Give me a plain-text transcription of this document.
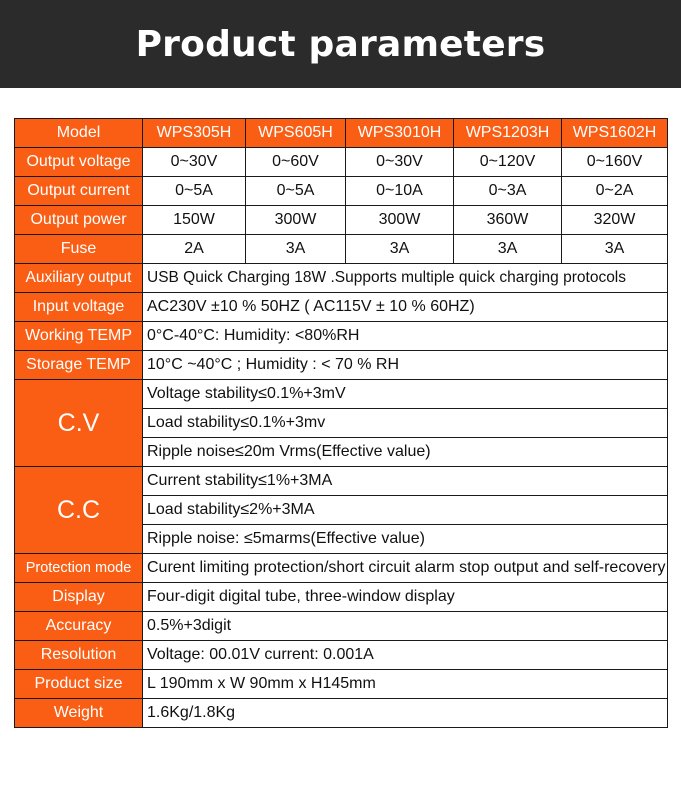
Product parameters
Model	WPS305H	WPS605H	WPS3010H	WPS1203H	WPS1602H
Output voltage	0~30V	0~60V	0~30V	0~120V	0~160V
Output current	0~5A	0~5A	0~10A	0~3A	0~2A
Output power	150W	300W	300W	360W	320W
Fuse	2A	3A	3A	3A	3A
Auxiliary output	USB Quick Charging 18W .Supports multiple quick charging protocols				
Input voltage	AC230V ±10 % 50HZ ( AC115V ± 10 % 60HZ)				
Working TEMP	0°C-40°C: Humidity: <80%RH				
Storage TEMP	10°C ~40°C ; Humidity : < 70 % RH				
C.V	Voltage stability≤0.1%+3mV				
	Load stability≤0.1%+3mv				
	Ripple noise≤20m Vrms(Effective value)				
C.C	Current stability≤1%+3MA				
	Load stability≤2%+3MA				
	Ripple noise: ≤5marms(Effective value)				
Protection mode	Curent limiting protection/short circuit alarm stop output and self-recovery				
Display	Four-digit digital tube, three-window display				
Accuracy	0.5%+3digit				
Resolution	Voltage: 00.01V current: 0.001A				
Product size	L 190mm x W 90mm x H145mm				
Weight	1.6Kg/1.8Kg				
